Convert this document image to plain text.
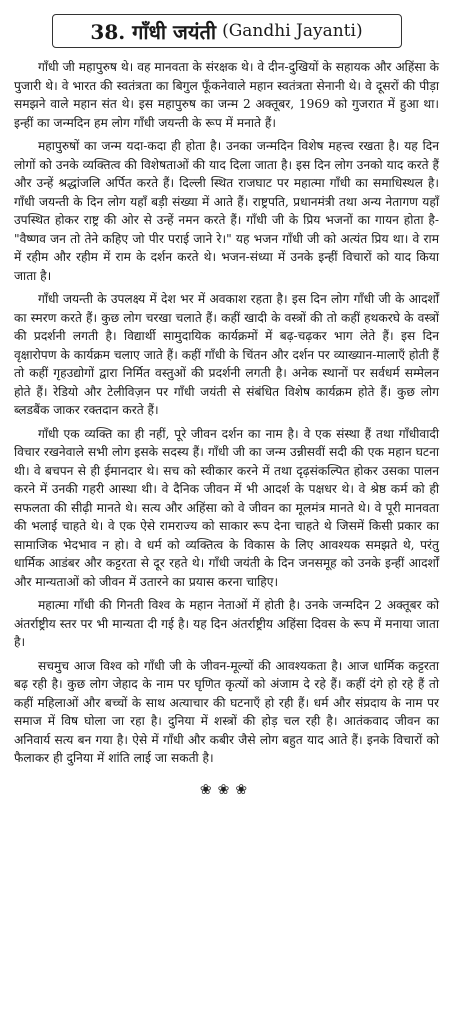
38. गाँधी जयंती (Gandhi Jayanti)

गाँधी जी महापुरुष थे। वह मानवता के संरक्षक थे। वे दीन-दुखियों के सहायक और अहिंसा के पुजारी थे। वे भारत की स्वतंत्रता का बिगुल फूँकनेवाले महान स्वतंत्रता सेनानी थे। वे दूसरों की पीड़ा समझने वाले महान संत थे। इस महापुरुष का जन्म 2 अक्तूबर, 1969 को गुजरात में हुआ था। इन्हीं का जन्मदिन हम लोग गाँधी जयन्ती के रूप में मनाते हैं।

महापुरुषों का जन्म यदा-कदा ही होता है। उनका जन्मदिन विशेष महत्त्व रखता है। यह दिन लोगों को उनके व्यक्तित्व की विशेषताओं की याद दिला जाता है। इस दिन लोग उनको याद करते हैं और उन्हें श्रद्धांजलि अर्पित करते हैं। दिल्ली स्थित राजघाट पर महात्मा गाँधी का समाधिस्थल है। गाँधी जयन्ती के दिन लोग यहाँ बड़ी संख्या में आते हैं। राष्ट्रपति, प्रधानमंत्री तथा अन्य नेतागण यहाँ उपस्थित होकर राष्ट्र की ओर से उन्हें नमन करते हैं। गाँधी जी के प्रिय भजनों का गायन होता है-"वैष्णव जन तो तेने कहिए जो पीर पराई जाने रे।" यह भजन गाँधी जी को अत्यंत प्रिय था। वे राम में रहीम और रहीम में राम के दर्शन करते थे। भजन-संध्या में उनके इन्हीं विचारों को याद किया जाता है।

गाँधी जयन्ती के उपलक्ष्य में देश भर में अवकाश रहता है। इस दिन लोग गाँधी जी के आदर्शों का स्मरण करते हैं। कुछ लोग चरखा चलाते हैं। कहीं खादी के वस्त्रों की तो कहीं हथकरघे के वस्त्रों की प्रदर्शनी लगती है। विद्यार्थी सामुदायिक कार्यक्रमों में बढ़-चढ़कर भाग लेते हैं। इस दिन वृक्षारोपण के कार्यक्रम चलाए जाते हैं। कहीं गाँधी के चिंतन और दर्शन पर व्याख्यान-मालाएँ होती हैं तो कहीं गृहउद्योगों द्वारा निर्मित वस्तुओं की प्रदर्शनी लगती है। अनेक स्थानों पर सर्वधर्म सम्मेलन होते हैं। रेडियो और टेलीविज़न पर गाँधी जयंती से संबंधित विशेष कार्यक्रम होते हैं। कुछ लोग ब्लडबैंक जाकर रक्तदान करते हैं।

गाँधी एक व्यक्ति का ही नहीं, पूरे जीवन दर्शन का नाम है। वे एक संस्था हैं तथा गाँधीवादी विचार रखनेवाले सभी लोग इसके सदस्य हैं। गाँधी जी का जन्म उन्नीसवीं सदी की एक महान घटना थी। वे बचपन से ही ईमानदार थे। सच को स्वीकार करने में तथा दृढ़संकल्पित होकर उसका पालन करने में उनकी गहरी आस्था थी। वे दैनिक जीवन में भी आदर्श के पक्षधर थे। वे श्रेष्ठ कर्म को ही सफलता की सीढ़ी मानते थे। सत्य और अहिंसा को वे जीवन का मूलमंत्र मानते थे। वे पूरी मानवता की भलाई चाहते थे। वे एक ऐसे रामराज्य को साकार रूप देना चाहते थे जिसमें किसी प्रकार का सामाजिक भेदभाव न हो। वे धर्म को व्यक्तित्व के विकास के लिए आवश्यक समझते थे, परंतु धार्मिक आडंबर और कट्टरता से दूर रहते थे। गाँधी जयंती के दिन जनसमूह को उनके इन्हीं आदर्शों और मान्यताओं को जीवन में उतारने का प्रयास करना चाहिए।

महात्मा गाँधी की गिनती विश्व के महान नेताओं में होती है। उनके जन्मदिन 2 अक्तूबर को अंतर्राष्ट्रीय स्तर पर भी मान्यता दी गई है। यह दिन अंतर्राष्ट्रीय अहिंसा दिवस के रूप में मनाया जाता है।

सचमुच आज विश्व को गाँधी जी के जीवन-मूल्यों की आवश्यकता है। आज धार्मिक कट्टरता बढ़ रही है। कुछ लोग जेहाद के नाम पर घृणित कृत्यों को अंजाम दे रहे हैं। कहीं दंगे हो रहे हैं तो कहीं महिलाओं और बच्चों के साथ अत्याचार की घटनाएँ हो रही हैं। धर्म और संप्रदाय के नाम पर समाज में विष घोला जा रहा है। दुनिया में शस्त्रों की होड़ चल रही है। आतंकवाद जीवन का अनिवार्य सत्य बन गया है। ऐसे में गाँधी और कबीर जैसे लोग बहुत याद आते हैं। इनके विचारों को फैलाकर ही दुनिया में शांति लाई जा सकती है।

❀❀❀
